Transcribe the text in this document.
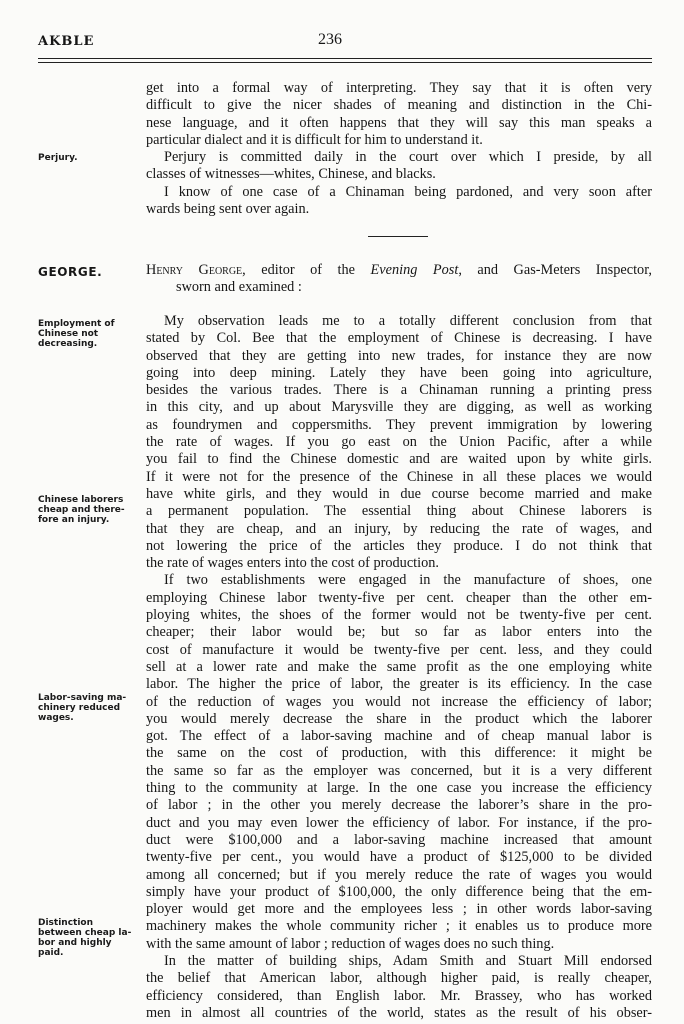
AKBLE	236
get into a formal way of interpreting. They say that it is often very
difficult to give the nicer shades of meaning and distinction in the Chi-
nese language, and it often happens that they will say this man speaks a
particular dialect and it is difficult for him to understand it.
Perjury is committed daily in the court over which I preside, by all
classes of witnesses—whites, Chinese, and blacks.
I know of one case of a Chinaman being pardoned, and very soon after
wards being sent over again.
Perjury.
GEORGE.	Henry George, editor of the Evening Post, and Gas-Meters Inspector,
sworn and examined :
My observation leads me to a totally different conclusion from that
stated by Col. Bee that the employment of Chinese is decreasing. I have
observed that they are getting into new trades, for instance they are now
going into deep mining. Lately they have been going into agriculture,
besides the various trades. There is a Chinaman running a printing press
in this city, and up about Marysville they are digging, as well as working
as foundrymen and coppersmiths. They prevent immigration by lowering
the rate of wages. If you go east on the Union Pacific, after a while
you fail to find the Chinese domestic and are waited upon by white girls.
If it were not for the presence of the Chinese in all these places we would
have white girls, and they would in due course become married and make
a permanent population. The essential thing about Chinese laborers is
that they are cheap, and an injury, by reducing the rate of wages, and
not lowering the price of the articles they produce. I do not think that
the rate of wages enters into the cost of production.
If two establishments were engaged in the manufacture of shoes, one
employing Chinese labor twenty-five per cent. cheaper than the other em-
ploying whites, the shoes of the former would not be twenty-five per cent.
cheaper; their labor would be; but so far as labor enters into the
cost of manufacture it would be twenty-five per cent. less, and they could
sell at a lower rate and make the same profit as the one employing white
labor. The higher the price of labor, the greater is its efficiency. In the case
of the reduction of wages you would not increase the efficiency of labor;
you would merely decrease the share in the product which the laborer
got. The effect of a labor-saving machine and of cheap manual labor is
the same on the cost of production, with this difference: it might be
the same so far as the employer was concerned, but it is a very different
thing to the community at large. In the one case you increase the efficiency
of labor ; in the other you merely decrease the laborer’s share in the pro-
duct and you may even lower the efficiency of labor. For instance, if the pro-
duct were $100,000 and a labor-saving machine increased that amount
twenty-five per cent., you would have a product of $125,000 to be divided
among all concerned; but if you merely reduce the rate of wages you would
simply have your product of $100,000, the only difference being that the em-
ployer would get more and the employees less ; in other words labor-saving
machinery makes the whole community richer ; it enables us to produce more
with the same amount of labor ; reduction of wages does no such thing.
In the matter of building ships, Adam Smith and Stuart Mill endorsed
the belief that American labor, although higher paid, is really cheaper,
efficiency considered, than English labor. Mr. Brassey, who has worked
men in almost all countries of the world, states as the result of his obser-
Employment of
Chinese not
decreasing.
Chinese laborers
cheap and there-
fore an injury.
Labor-saving ma-
chinery reduced
wages.
Distinction
between cheap la-
bor and highly
paid.
